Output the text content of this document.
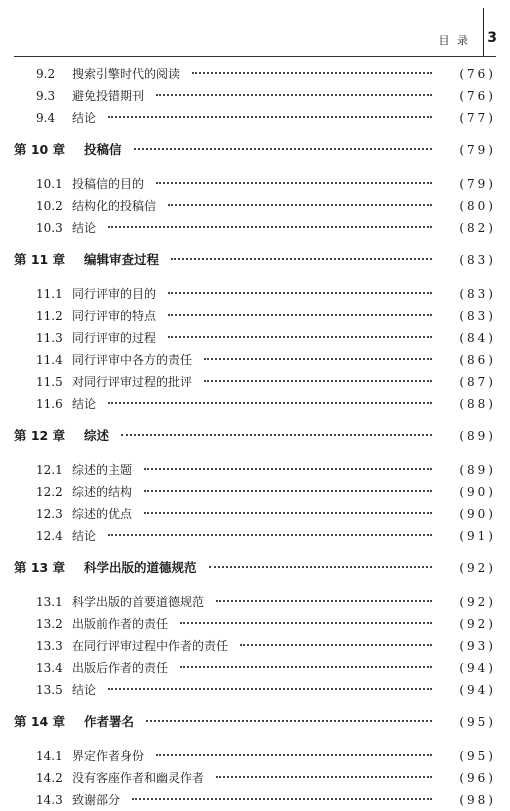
目 录 3
9.2	搜索引擎时代的阅读	(76)
9.3	避免投错期刊	(76)
9.4	结论	(77)
第 10 章	投稿信	(79)
10.1 投稿信的目的	(79)
10.2 结构化的投稿信	(80)
10.3 结论	(82)
第 11 章	编辑审查过程	(83)
11.1 同行评审的目的	(83)
11.2 同行评审的特点	(83)
11.3 同行评审的过程	(84)
11.4 同行评审中各方的责任	(86)
11.5 对同行评审过程的批评	(87)
11.6 结论	(88)
第 12 章	综述	(89)
12.1 综述的主题	(89)
12.2 综述的结构	(90)
12.3 综述的优点	(90)
12.4 结论	(91)
第 13 章	科学出版的道德规范	(92)
13.1 科学出版的首要道德规范	(92)
13.2 出版前作者的责任	(92)
13.3 在同行评审过程中作者的责任	(93)
13.4 出版后作者的责任	(94)
13.5 结论	(94)
第 14 章	作者署名	(95)
14.1 界定作者身份	(95)
14.2 没有客座作者和幽灵作者	(96)
14.3 致谢部分	(98)
